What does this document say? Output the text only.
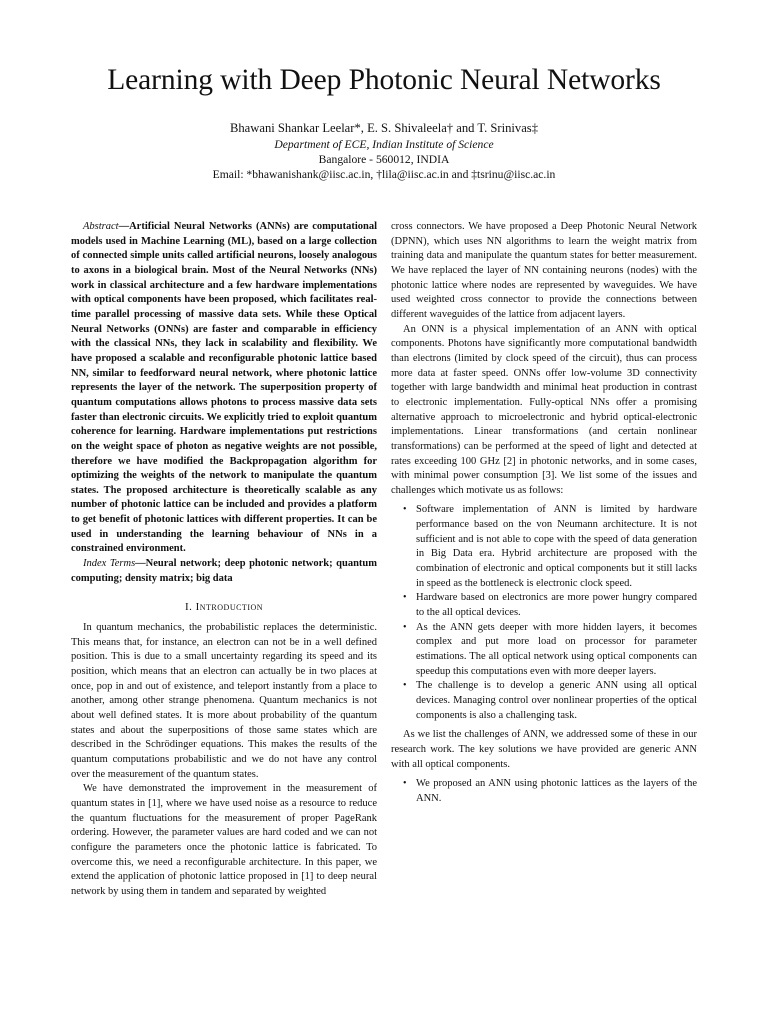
Learning with Deep Photonic Neural Networks
Bhawani Shankar Leelar*, E. S. Shivaleela† and T. Srinivas‡
Department of ECE, Indian Institute of Science
Bangalore - 560012, INDIA
Email: *bhawanishank@iisc.ac.in, †lila@iisc.ac.in and ‡tsrinu@iisc.ac.in

Abstract—Artificial Neural Networks (ANNs) are computational models used in Machine Learning (ML), based on a large collection of connected simple units called artificial neurons, loosely analogous to axons in a biological brain. Most of the Neural Networks (NNs) work in classical architecture and a few hardware implementations with optical components have been proposed, which facilitates real-time parallel processing of massive data sets. While these Optical Neural Networks (ONNs) are faster and comparable in efficiency with the classical NNs, they lack in scalability and flexibility. We have proposed a scalable and reconfigurable photonic lattice based NN, similar to feedforward neural network, where photonic lattice represents the layer of the network. The superposition property of quantum computations allows photons to process massive data sets faster than electronic circuits. We explicitly tried to exploit quantum coherence for learning. Hardware implementations put restrictions on the weight space of photon as negative weights are not possible, therefore we have modified the Backpropagation algorithm for optimizing the weights of the network to manipulate the quantum states. The proposed architecture is theoretically scalable as any number of photonic lattice can be included and provides a platform to get benefit of photonic lattices with different properties. It can be used in understanding the learning behaviour of NNs in a constrained environment.

Index Terms—Neural network; deep photonic network; quantum computing; density matrix; big data

I. Introduction

In quantum mechanics, the probabilistic replaces the deterministic. This means that, for instance, an electron can not be in a well defined position. This is due to a small uncertainty regarding its speed and its position, which means that an electron can actually be in two places at once, pop in and out of existence, and teleport instantly from a place to another, among other strange phenomena. Quantum mechanics is not about well defined states. It is more about probability of the quantum states and about the superpositions of those same states which are described in the Schrödinger equations. This makes the results of the quantum computations probabilistic and we do not have any control over the measurement of the quantum states.

We have demonstrated the improvement in the measurement of quantum states in [1], where we have used noise as a resource to reduce the quantum fluctuations for the measurement of proper PageRank ordering. However, the parameter values are hard coded and we can not configure the parameters once the photonic lattice is fabricated. To overcome this, we need a reconfigurable architecture. In this paper, we extend the application of photonic lattice proposed in [1] to deep neural network by using them in tandem and separated by weighted

cross connectors. We have proposed a Deep Photonic Neural Network (DPNN), which uses NN algorithms to learn the weight matrix from training data and manipulate the quantum states for better measurement. We have replaced the layer of NN containing neurons (nodes) with the photonic lattice where nodes are represented by waveguides. We have used weighted cross connector to provide the connections between different waveguides of the lattice from adjacent layers.

An ONN is a physical implementation of an ANN with optical components. Photons have significantly more computational bandwidth than electrons (limited by clock speed of the circuit), thus can process more data at faster speed. ONNs offer low-volume 3D connectivity together with large bandwidth and minimal heat production in contrast to electronic implementation. Fully-optical NNs offer a promising alternative approach to microelectronic and hybrid optical-electronic implementations. Linear transformations (and certain nonlinear transformations) can be performed at the speed of light and detected at rates exceeding 100 GHz [2] in photonic networks, and in some cases, with minimal power consumption [3]. We list some of the issues and challenges which motivate us as follows:

• Software implementation of ANN is limited by hardware performance based on the von Neumann architecture. It is not sufficient and is not able to cope with the speed of data generation in Big Data era. Hybrid architecture are proposed with the combination of electronic and optical components but it still lacks in speed as the bottleneck is electronic clock speed.
• Hardware based on electronics are more power hungry compared to the all optical devices.
• As the ANN gets deeper with more hidden layers, it becomes complex and put more load on processor for parameter estimations. The all optical network using optical components can speedup this computations even with more deeper layers.
• The challenge is to develop a generic ANN using all optical devices. Managing control over nonlinear properties of the optical components is also a challenging task.

As we list the challenges of ANN, we addressed some of these in our research work. The key solutions we have provided are generic ANN with all optical components.

• We proposed an ANN using photonic lattices as the layers of the ANN.
